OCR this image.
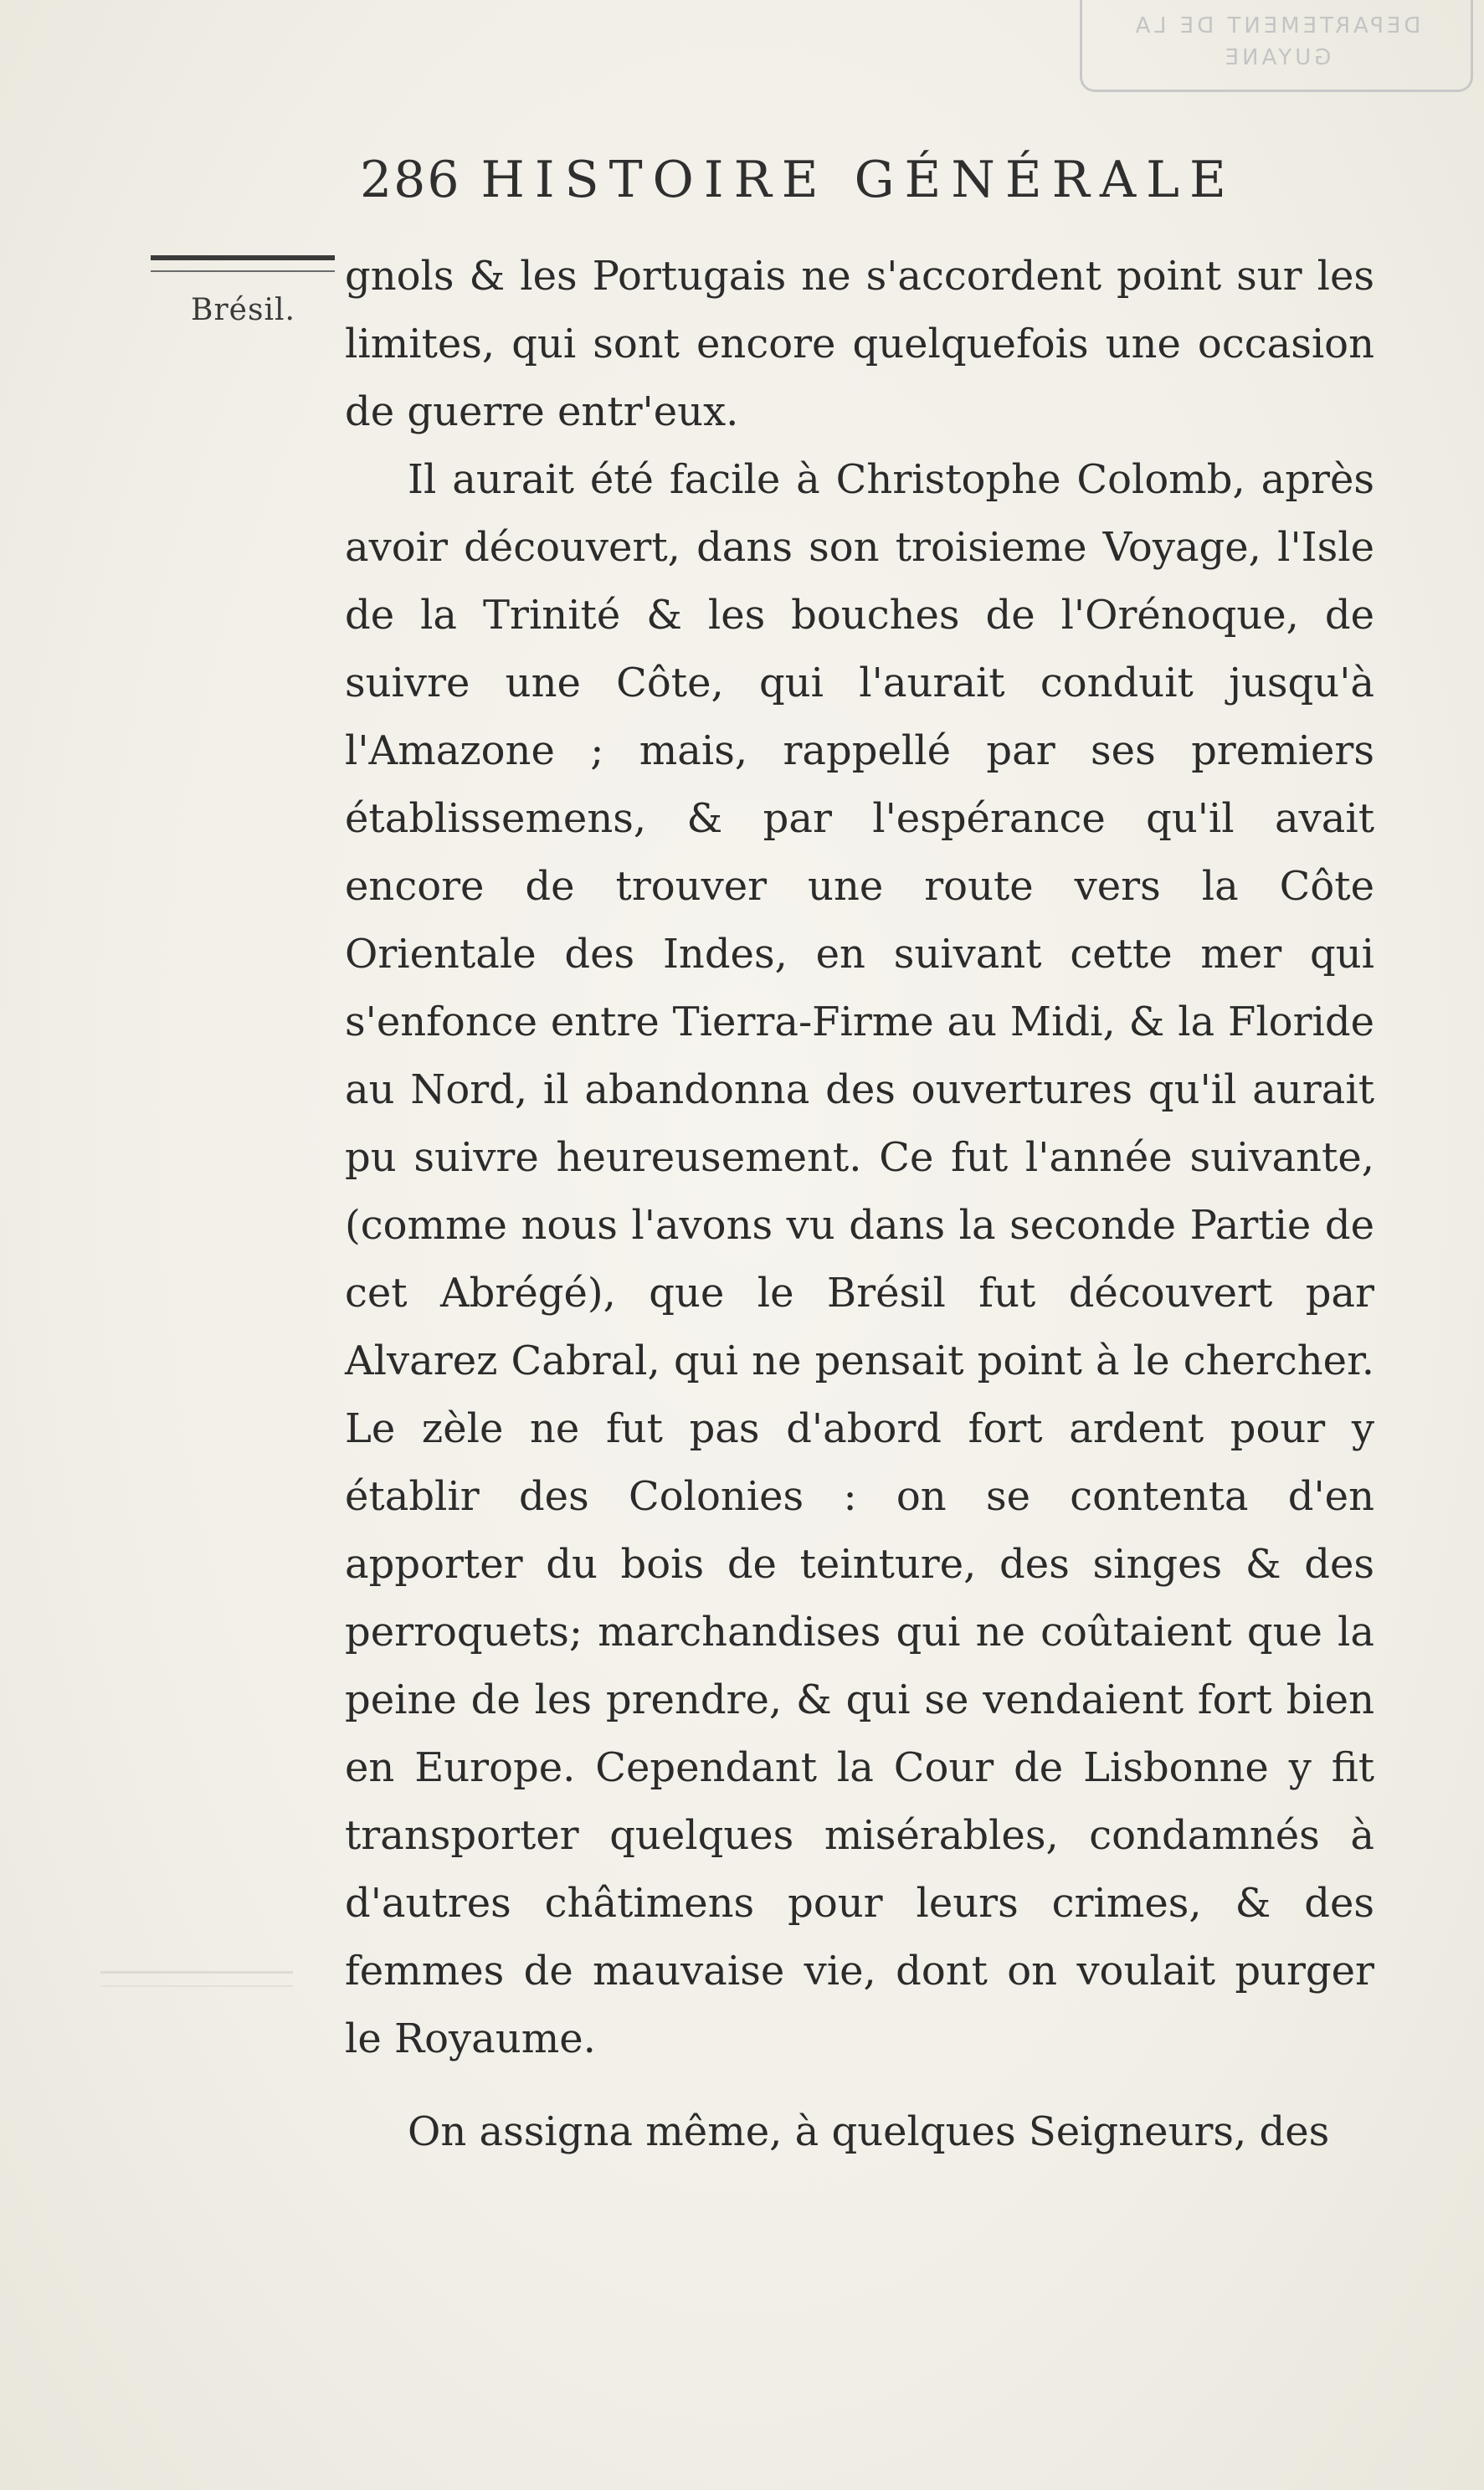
DEPARTEMENT DE LA
GUYANE
286 HISTOIRE GÉNÉRALE
Brésil.

gnols & les Portugais ne s'accordent point sur les limites, qui sont encore quelquefois une occasion de guerre entr'eux.

Il aurait été facile à Christophe Colomb, après avoir découvert, dans son troisieme Voyage, l'Isle de la Trinité & les bouches de l'Orénoque, de suivre une Côte, qui l'aurait conduit jusqu'à l'Amazone ; mais, rappellé par ses premiers établissemens, & par l'espérance qu'il avait encore de trouver une route vers la Côte Orientale des Indes, en suivant cette mer qui s'enfonce entre Tierra-Firme au Midi, & la Floride au Nord, il abandonna des ouvertures qu'il aurait pu suivre heureusement. Ce fut l'année suivante, (comme nous l'avons vu dans la seconde Partie de cet Abrégé), que le Brésil fut découvert par Alvarez Cabral, qui ne pensait point à le chercher. Le zèle ne fut pas d'abord fort ardent pour y établir des Colonies : on se contenta d'en apporter du bois de teinture, des singes & des perroquets; marchandises qui ne coûtaient que la peine de les prendre, & qui se vendaient fort bien en Europe. Cependant la Cour de Lisbonne y fit transporter quelques misérables, condamnés à d'autres châtimens pour leurs crimes, & des femmes de mauvaise vie, dont on voulait purger le Royaume.

On assigna même, à quelques Seigneurs, des
